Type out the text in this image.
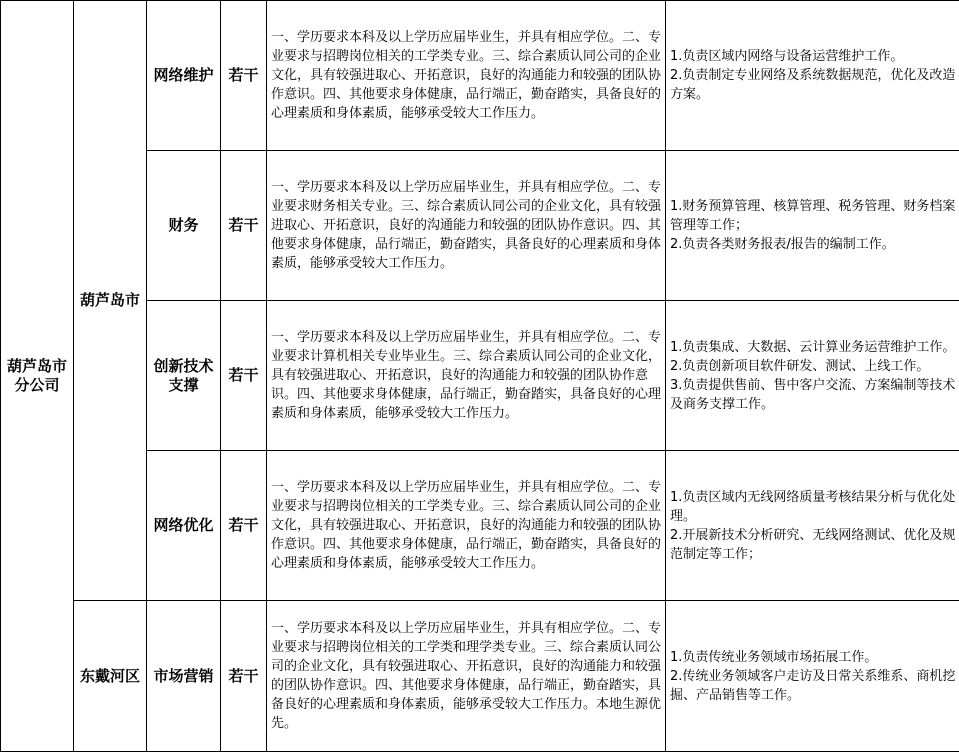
葫芦岛市分公司	葫芦岛市	网络维护	若干	一、学历要求本科及以上学历应届毕业生，并具有相应学位。二、专业要求与招聘岗位相关的工学类专业。三、综合素质认同公司的企业文化，具有较强进取心、开拓意识，良好的沟通能力和较强的团队协作意识。四、其他要求身体健康，品行端正，勤奋踏实，具备良好的心理素质和身体素质，能够承受较大工作压力。	1.负责区域内网络与设备运营维护工作。
2.负责制定专业网络及系统数据规范，优化及改造方案。

		财务	若干	一、学历要求本科及以上学历应届毕业生，并具有相应学位。二、专业要求财务相关专业。三、综合素质认同公司的企业文化，具有较强进取心、开拓意识，良好的沟通能力和较强的团队协作意识。四、其他要求身体健康，品行端正，勤奋踏实，具备良好的心理素质和身体素质，能够承受较大工作压力。	1.财务预算管理、核算管理、税务管理、财务档案管理等工作；
2.负责各类财务报表/报告的编制工作。

		创新技术支撑	若干	一、学历要求本科及以上学历应届毕业生，并具有相应学位。二、专业要求计算机相关专业毕业生。三、综合素质认同公司的企业文化，具有较强进取心、开拓意识，良好的沟通能力和较强的团队协作意识。四、其他要求身体健康，品行端正，勤奋踏实，具备良好的心理素质和身体素质，能够承受较大工作压力。	1.负责集成、大数据、云计算业务运营维护工作。
2.负责创新项目软件研发、测试、上线工作。
3.负责提供售前、售中客户交流、方案编制等技术及商务支撑工作。

		网络优化	若干	一、学历要求本科及以上学历应届毕业生，并具有相应学位。二、专业要求与招聘岗位相关的工学类专业。三、综合素质认同公司的企业文化，具有较强进取心、开拓意识，良好的沟通能力和较强的团队协作意识。四、其他要求身体健康，品行端正，勤奋踏实，具备良好的心理素质和身体素质，能够承受较大工作压力。	1.负责区域内无线网络质量考核结果分析与优化处理。
2.开展新技术分析研究、无线网络测试、优化及规范制定等工作；

	东戴河区	市场营销	若干	一、学历要求本科及以上学历应届毕业生，并具有相应学位。二、专业要求与招聘岗位相关的工学类和理学类专业。三、综合素质认同公司的企业文化，具有较强进取心、开拓意识，良好的沟通能力和较强的团队协作意识。四、其他要求身体健康，品行端正，勤奋踏实，具备良好的心理素质和身体素质，能够承受较大工作压力。本地生源优先。	1.负责传统业务领域市场拓展工作。
2.传统业务领域客户走访及日常关系维系、商机挖掘、产品销售等工作。
